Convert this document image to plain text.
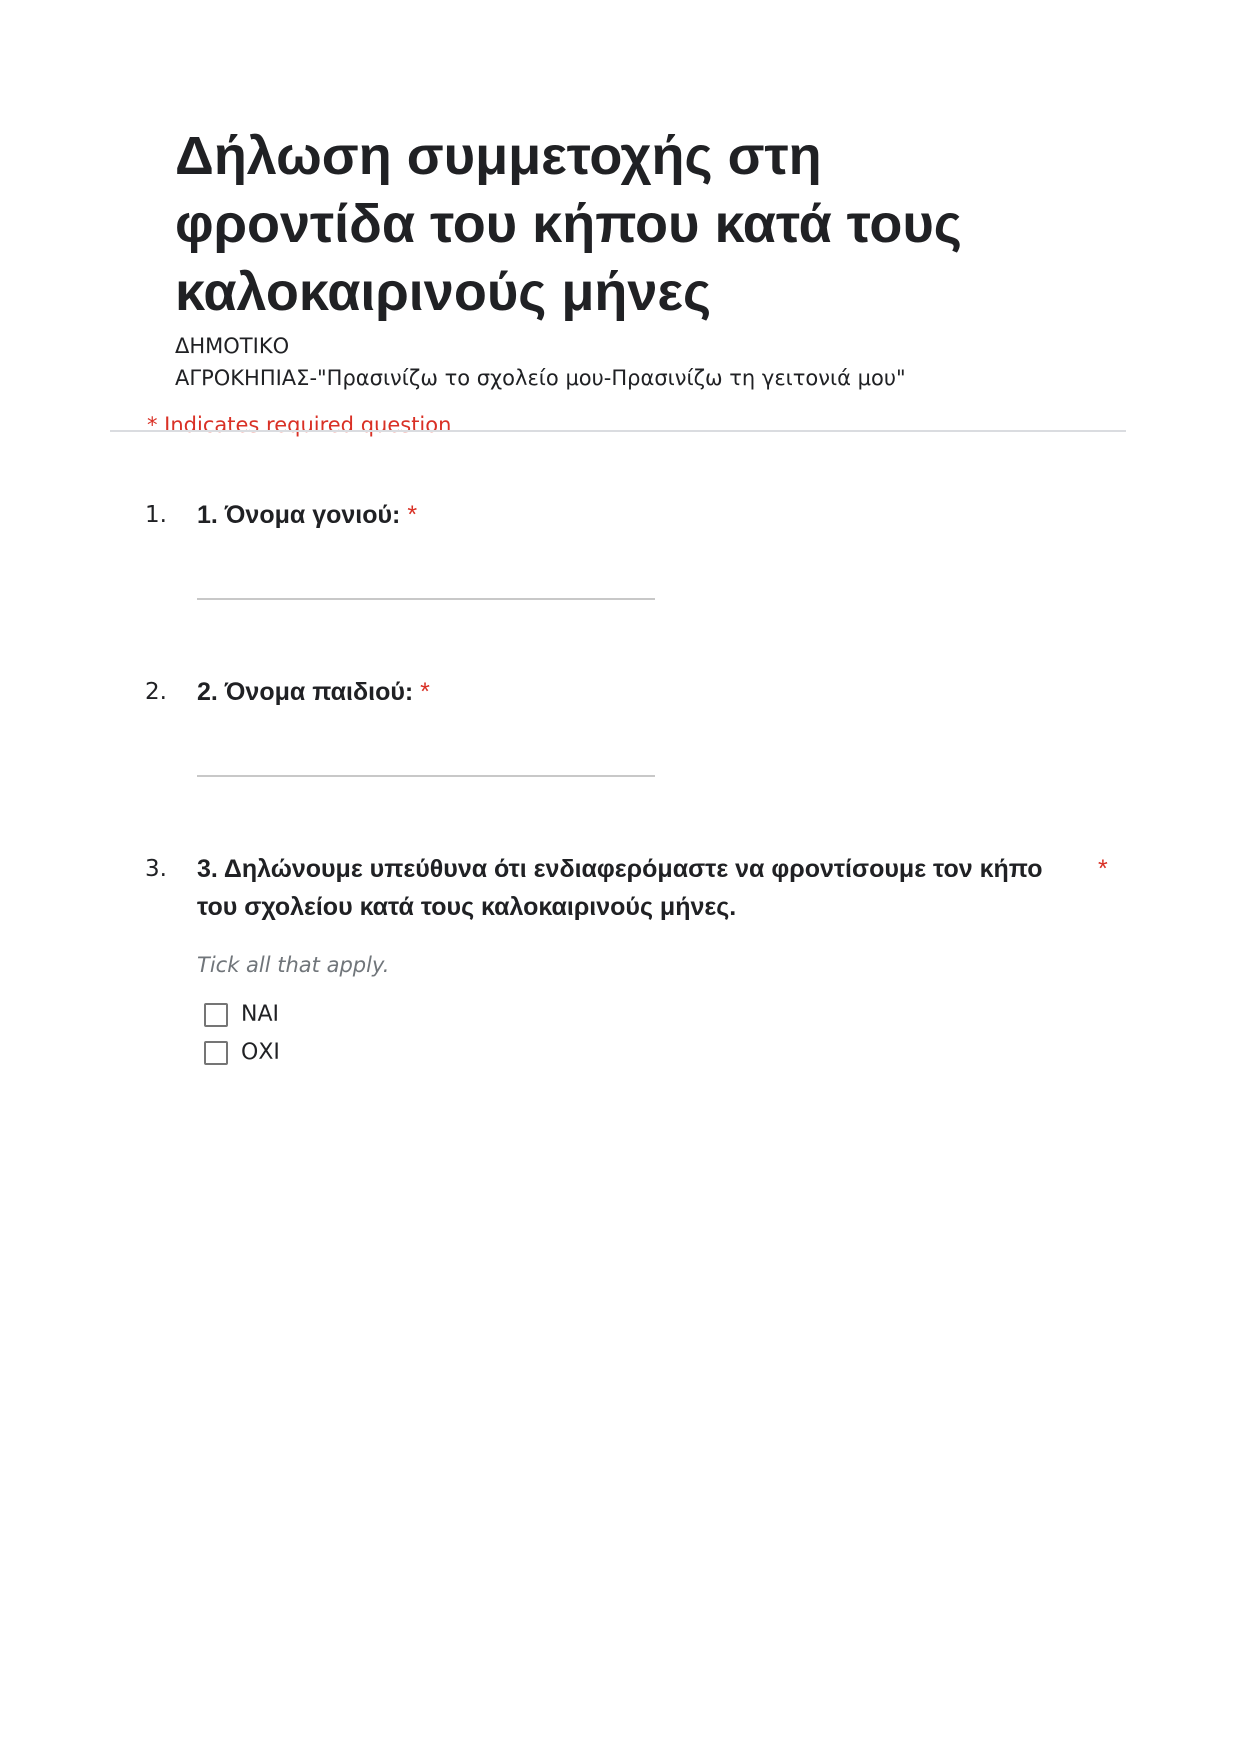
Δήλωση συμμετοχής στη φροντίδα του κήπου κατά τους καλοκαιρινούς μήνες
ΔΗΜΟΤΙΚΟ
ΑΓΡΟΚΗΠΙΑΣ-"Πρασινίζω το σχολείο μου-Πρασινίζω τη γειτονιά μου"
* Indicates required question
1. 1. Όνομα γονιού: *
2. 2. Όνομα παιδιού: *
3. 3. Δηλώνουμε υπεύθυνα ότι ενδιαφερόμαστε να φροντίσουμε τον κήπο του σχολείου κατά τους καλοκαιρινούς μήνες.
*
Tick all that apply.
ΝΑΙ
ΟΧΙ
